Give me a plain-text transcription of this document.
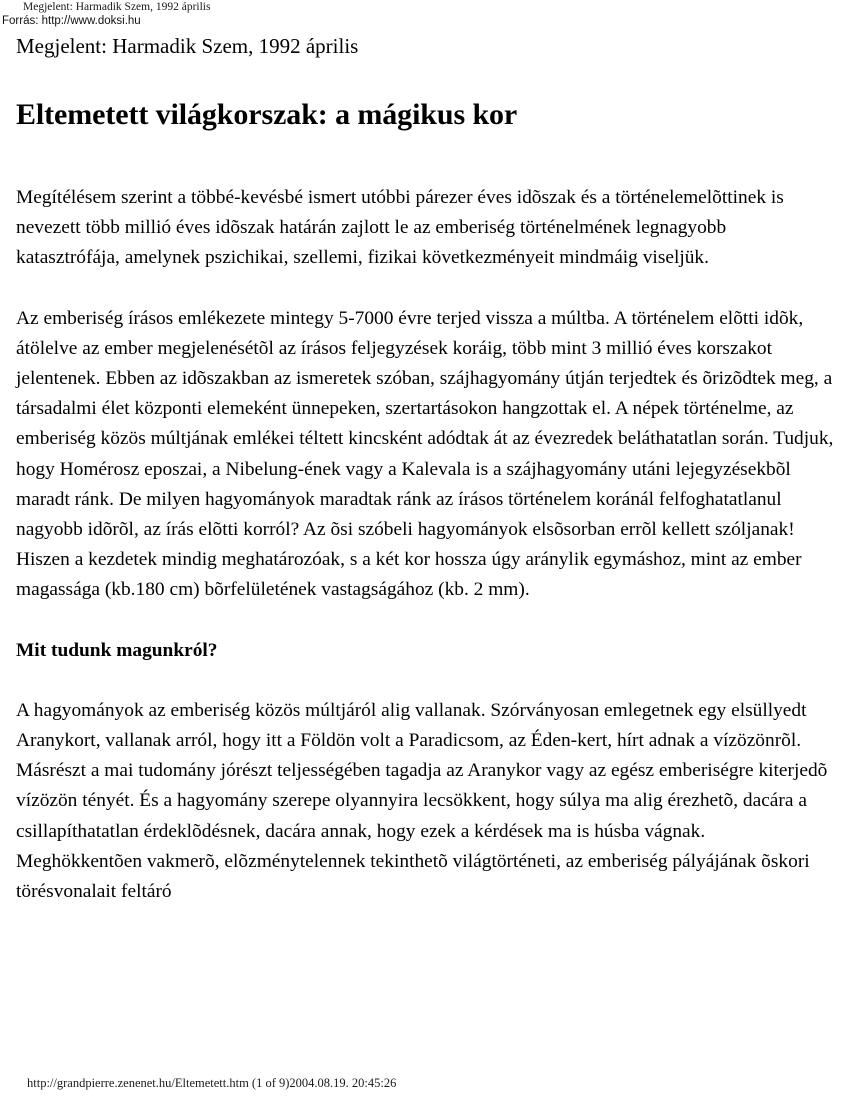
Megjelent: Harmadik Szem, 1992 április
Forrás: http://www.doksi.hu
Megjelent: Harmadik Szem, 1992 április
Eltemetett világkorszak: a mágikus kor

Megítélésem szerint a többé-kevésbé ismert utóbbi párezer éves idõszak és a történelemelõttinek is nevezett több millió éves idõszak határán zajlott le az emberiség történelmének legnagyobb katasztrófája, amelynek pszichikai, szellemi, fizikai következményeit mindmáig viseljük.

Az emberiség írásos emlékezete mintegy 5-7000 évre terjed vissza a múltba. A történelem elõtti idõk, átölelve az ember megjelenésétõl az írásos feljegyzések koráig, több mint 3 millió éves korszakot jelentenek. Ebben az idõszakban az ismeretek szóban, szájhagyomány útján terjedtek és õrizõdtek meg, a társadalmi élet központi elemeként ünnepeken, szertartásokon hangzottak el. A népek történelme, az emberiség közös múltjának emlékei téltett kincsként adódtak át az évezredek beláthatatlan során. Tudjuk, hogy Homérosz eposzai, a Nibelung-ének vagy a Kalevala is a szájhagyomány utáni lejegyzésekbõl maradt ránk. De milyen hagyományok maradtak ránk az írásos történelem koránál felfoghatatlanul nagyobb idõrõl, az írás elõtti korról? Az õsi szóbeli hagyományok elsõsorban errõl kellett szóljanak! Hiszen a kezdetek mindig meghatározóak, s a két kor hossza úgy aránylik egymáshoz, mint az ember magassága (kb.180 cm) bõrfelületének vastagságához (kb. 2 mm).

Mit tudunk magunkról?

A hagyományok az emberiség közös múltjáról alig vallanak. Szórványosan emlegetnek egy elsüllyedt Aranykort, vallanak arról, hogy itt a Földön volt a Paradicsom, az Éden-kert, hírt adnak a vízözönrõl. Másrészt a mai tudomány jórészt teljességében tagadja az Aranykor vagy az egész emberiségre kiterjedõ vízözön tényét. És a hagyomány szerepe olyannyira lecsökkent, hogy súlya ma alig érezhetõ, dacára a csillapíthatatlan érdeklõdésnek, dacára annak, hogy ezek a kérdések ma is húsba vágnak. Meghökkentõen vakmerõ, elõzménytelennek tekinthetõ világtörténeti, az emberiség pályájának õskori törésvonalait feltáró

http://grandpierre.zenenet.hu/Eltemetett.htm (1 of 9)2004.08.19. 20:45:26
